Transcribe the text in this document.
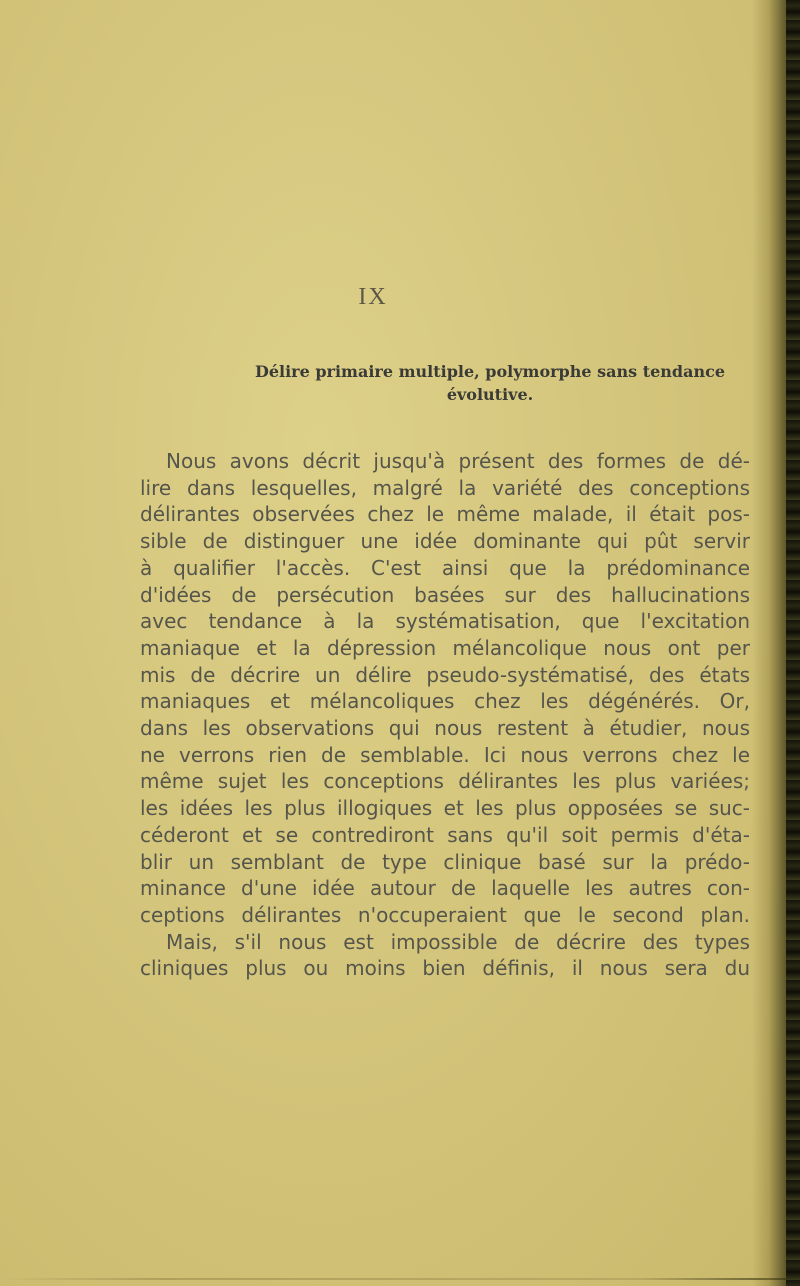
IX
Délire primaire multiple, polymorphe sans tendance
évolutive.
Nous avons décrit jusqu'à présent des formes de dé-
lire dans lesquelles, malgré la variété des conceptions
délirantes observées chez le même malade, il était pos-
sible de distinguer une idée dominante qui pût servir
à qualifier l'accès. C'est ainsi que la prédominance
d'idées de persécution basées sur des hallucinations
avec tendance à la systématisation, que l'excitation
maniaque et la dépression mélancolique nous ont per
mis de décrire un délire pseudo-systématisé, des états
maniaques et mélancoliques chez les dégénérés. Or,
dans les observations qui nous restent à étudier, nous
ne verrons rien de semblable. Ici nous verrons chez le
même sujet les conceptions délirantes les plus variées;
les idées les plus illogiques et les plus opposées se suc-
céderont et se contrediront sans qu'il soit permis d'éta-
blir un semblant de type clinique basé sur la prédo-
minance d'une idée autour de laquelle les autres con-
ceptions délirantes n'occuperaient que le second plan.
Mais, s'il nous est impossible de décrire des types
cliniques plus ou moins bien définis, il nous sera du
